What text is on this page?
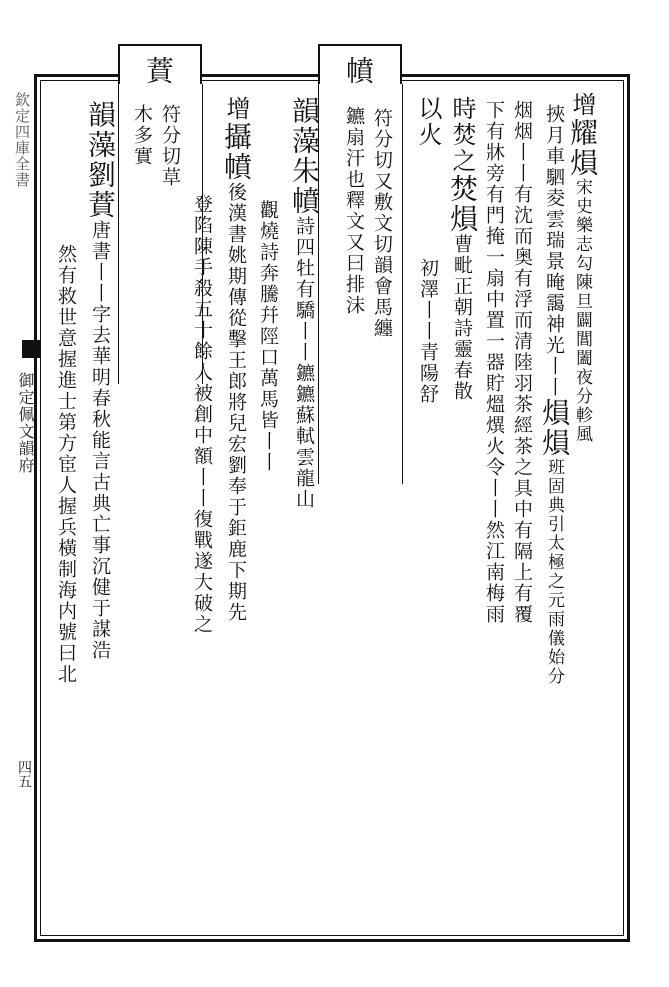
欽定四庫全書
御定佩文韻府
四五
幩
蕡
增耀熉宋史樂志勾陳旦闢閶闔夜分軫風
挾月車駟夌雲瑞景晻靄神光丨丨熉熉班固典引太極之元雨儀始分
烟烟丨丨有沈而奥有浮而清陸羽茶經茶之具中有隔上有覆
下有牀旁有門掩一扇中置一器貯熅熼火令丨丨然江南梅雨
時焚之焚熉曹毗正朝詩靈春散
以火初澤丨丨青陽舒
符分切又敷文切韻會馬纏
鑣扇汗也釋文又曰排沫
韻藻朱幩詩四牡有驕丨丨鑣鑣蘇軾雲龍山
觀燒詩奔騰幷陘口萬馬皆丨丨
增攝幩後漢書姚期傳從擊王郎將兒宏劉奉于鉅鹿下期先
登陷陳手殺五十餘人被創中額丨丨復戰遂大破之
符分切草
木多實
韻藻劉蕡唐書丨丨字去華明春秋能言古典亡事沉健于謀浩
然有救世意握進士第方宦人握兵橫制海内號曰北
